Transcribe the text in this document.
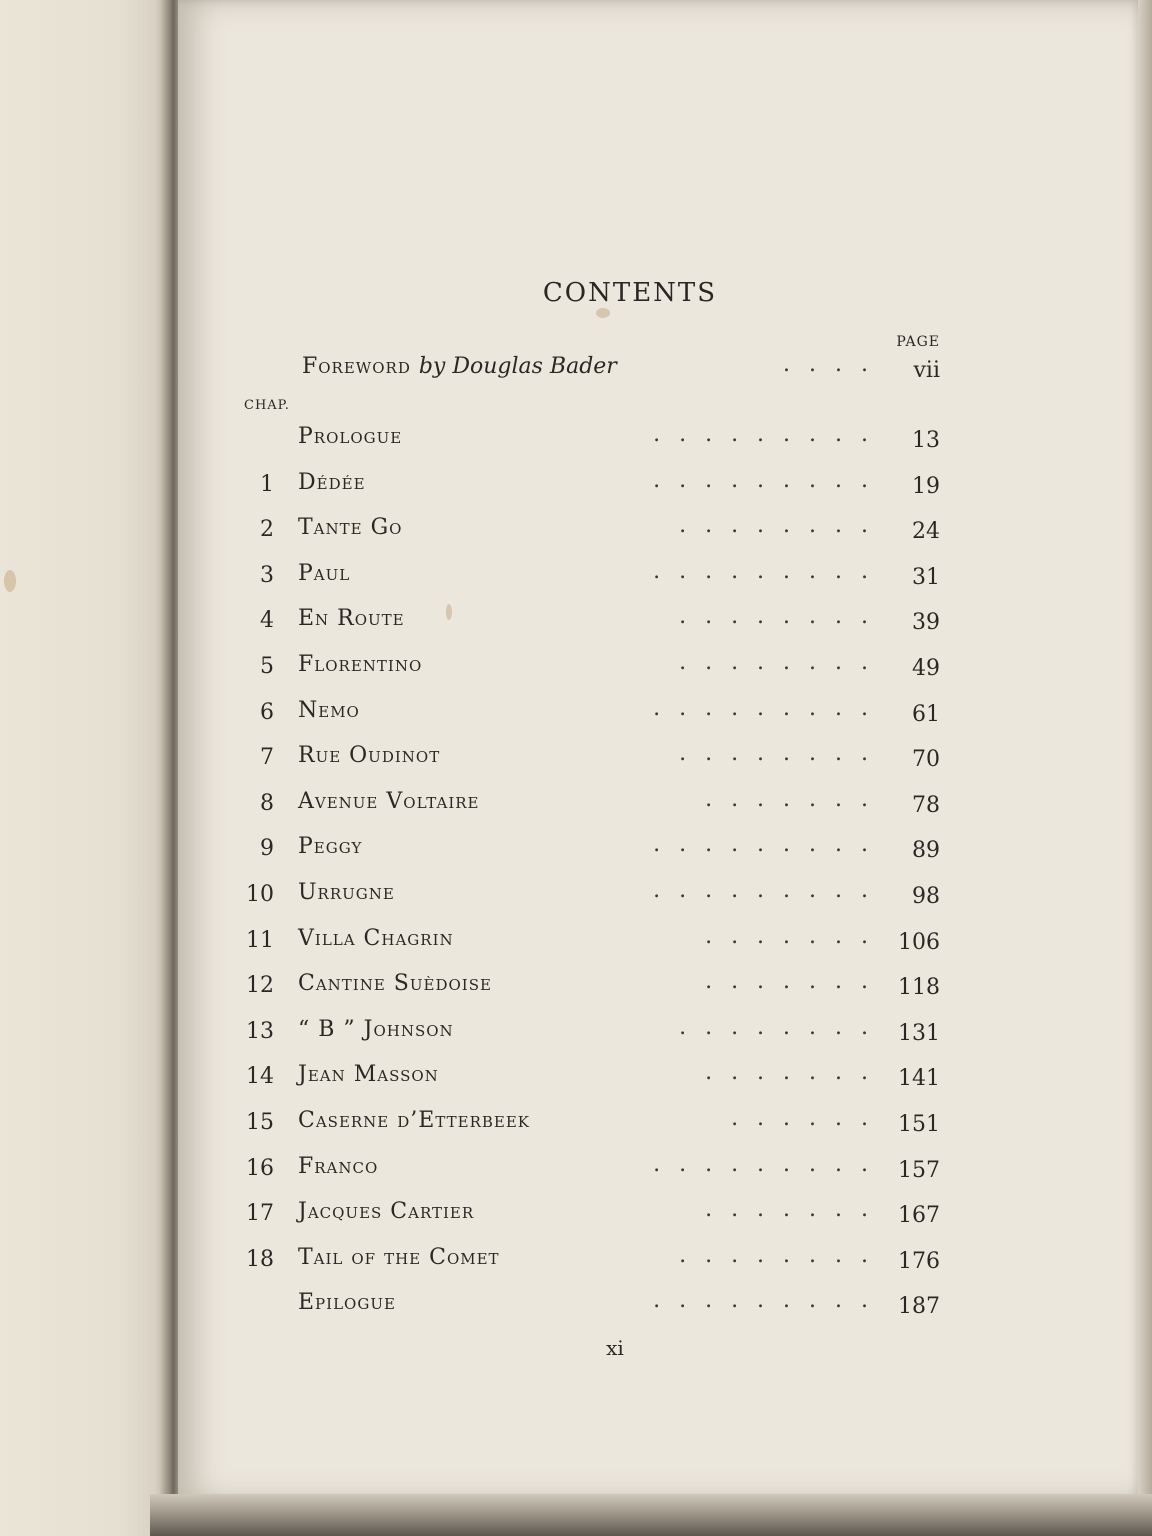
CONTENTS
PAGE
Foreword by Douglas Bader	. . . .	vii
CHAP.
Prologue	. . . . . . . . .	13
1 Dédée	. . . . . . . . .	19
2 Tante Go	. . . . . . . .	24
3 Paul	. . . . . . . . .	31
4 En Route	. . . . . . . .	39
5 Florentino	. . . . . . . .	49
6 Nemo	. . . . . . . . .	61
7 Rue Oudinot	. . . . . . . .	70
8 Avenue Voltaire	. . . . . . .	78
9 Peggy	. . . . . . . . .	89
10 Urrugne	. . . . . . . . .	98
11 Villa Chagrin	. . . . . . .	106
12 Cantine Suèdoise	. . . . . . .	118
13 “ B ” Johnson	. . . . . . . .	131
14 Jean Masson	. . . . . . .	141
15 Caserne d’Etterbeek	. . . . . .	151
16 Franco	. . . . . . . . .	157
17 Jacques Cartier	. . . . . . .	167
18 Tail of the Comet	. . . . . . . .	176
Epilogue	. . . . . . . . .	187
xi
